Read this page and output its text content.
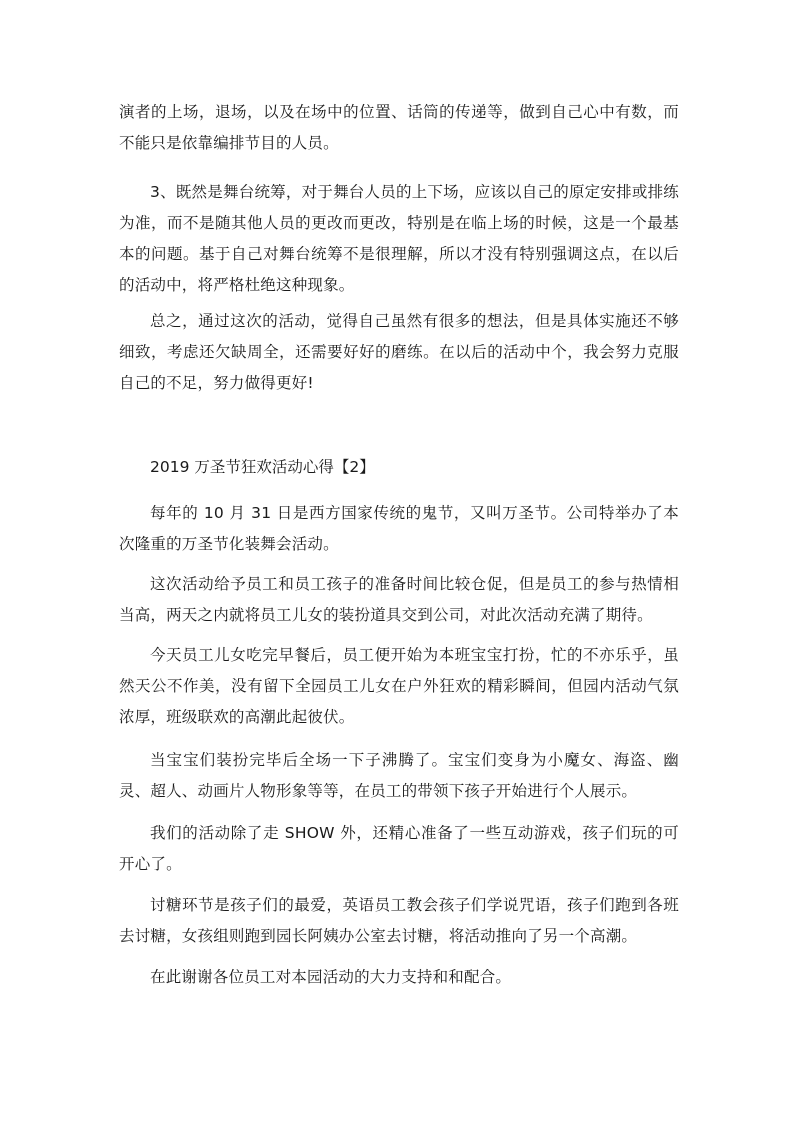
演者的上场，退场，以及在场中的位置、话筒的传递等，做到自己心中有数，而不能只是依靠编排节目的人员。

3、既然是舞台统筹，对于舞台人员的上下场，应该以自己的原定安排或排练为准，而不是随其他人员的更改而更改，特别是在临上场的时候，这是一个最基本的问题。基于自己对舞台统筹不是很理解，所以才没有特别强调这点，在以后的活动中，将严格杜绝这种现象。

总之，通过这次的活动，觉得自己虽然有很多的想法，但是具体实施还不够细致，考虑还欠缺周全，还需要好好的磨练。在以后的活动中个，我会努力克服自己的不足，努力做得更好!

2019 万圣节狂欢活动心得【2】

每年的 10 月 31 日是西方国家传统的鬼节，又叫万圣节。公司特举办了本次隆重的万圣节化装舞会活动。

这次活动给予员工和员工孩子的准备时间比较仓促，但是员工的参与热情相当高，两天之内就将员工儿女的装扮道具交到公司，对此次活动充满了期待。

今天员工儿女吃完早餐后，员工便开始为本班宝宝打扮，忙的不亦乐乎，虽然天公不作美，没有留下全园员工儿女在户外狂欢的精彩瞬间，但园内活动气氛浓厚，班级联欢的高潮此起彼伏。

当宝宝们装扮完毕后全场一下子沸腾了。宝宝们变身为小魔女、海盗、幽灵、超人、动画片人物形象等等，在员工的带领下孩子开始进行个人展示。

我们的活动除了走 SHOW 外，还精心准备了一些互动游戏，孩子们玩的可开心了。

讨糖环节是孩子们的最爱，英语员工教会孩子们学说咒语，孩子们跑到各班去讨糖，女孩组则跑到园长阿姨办公室去讨糖，将活动推向了另一个高潮。

在此谢谢各位员工对本园活动的大力支持和和配合。
